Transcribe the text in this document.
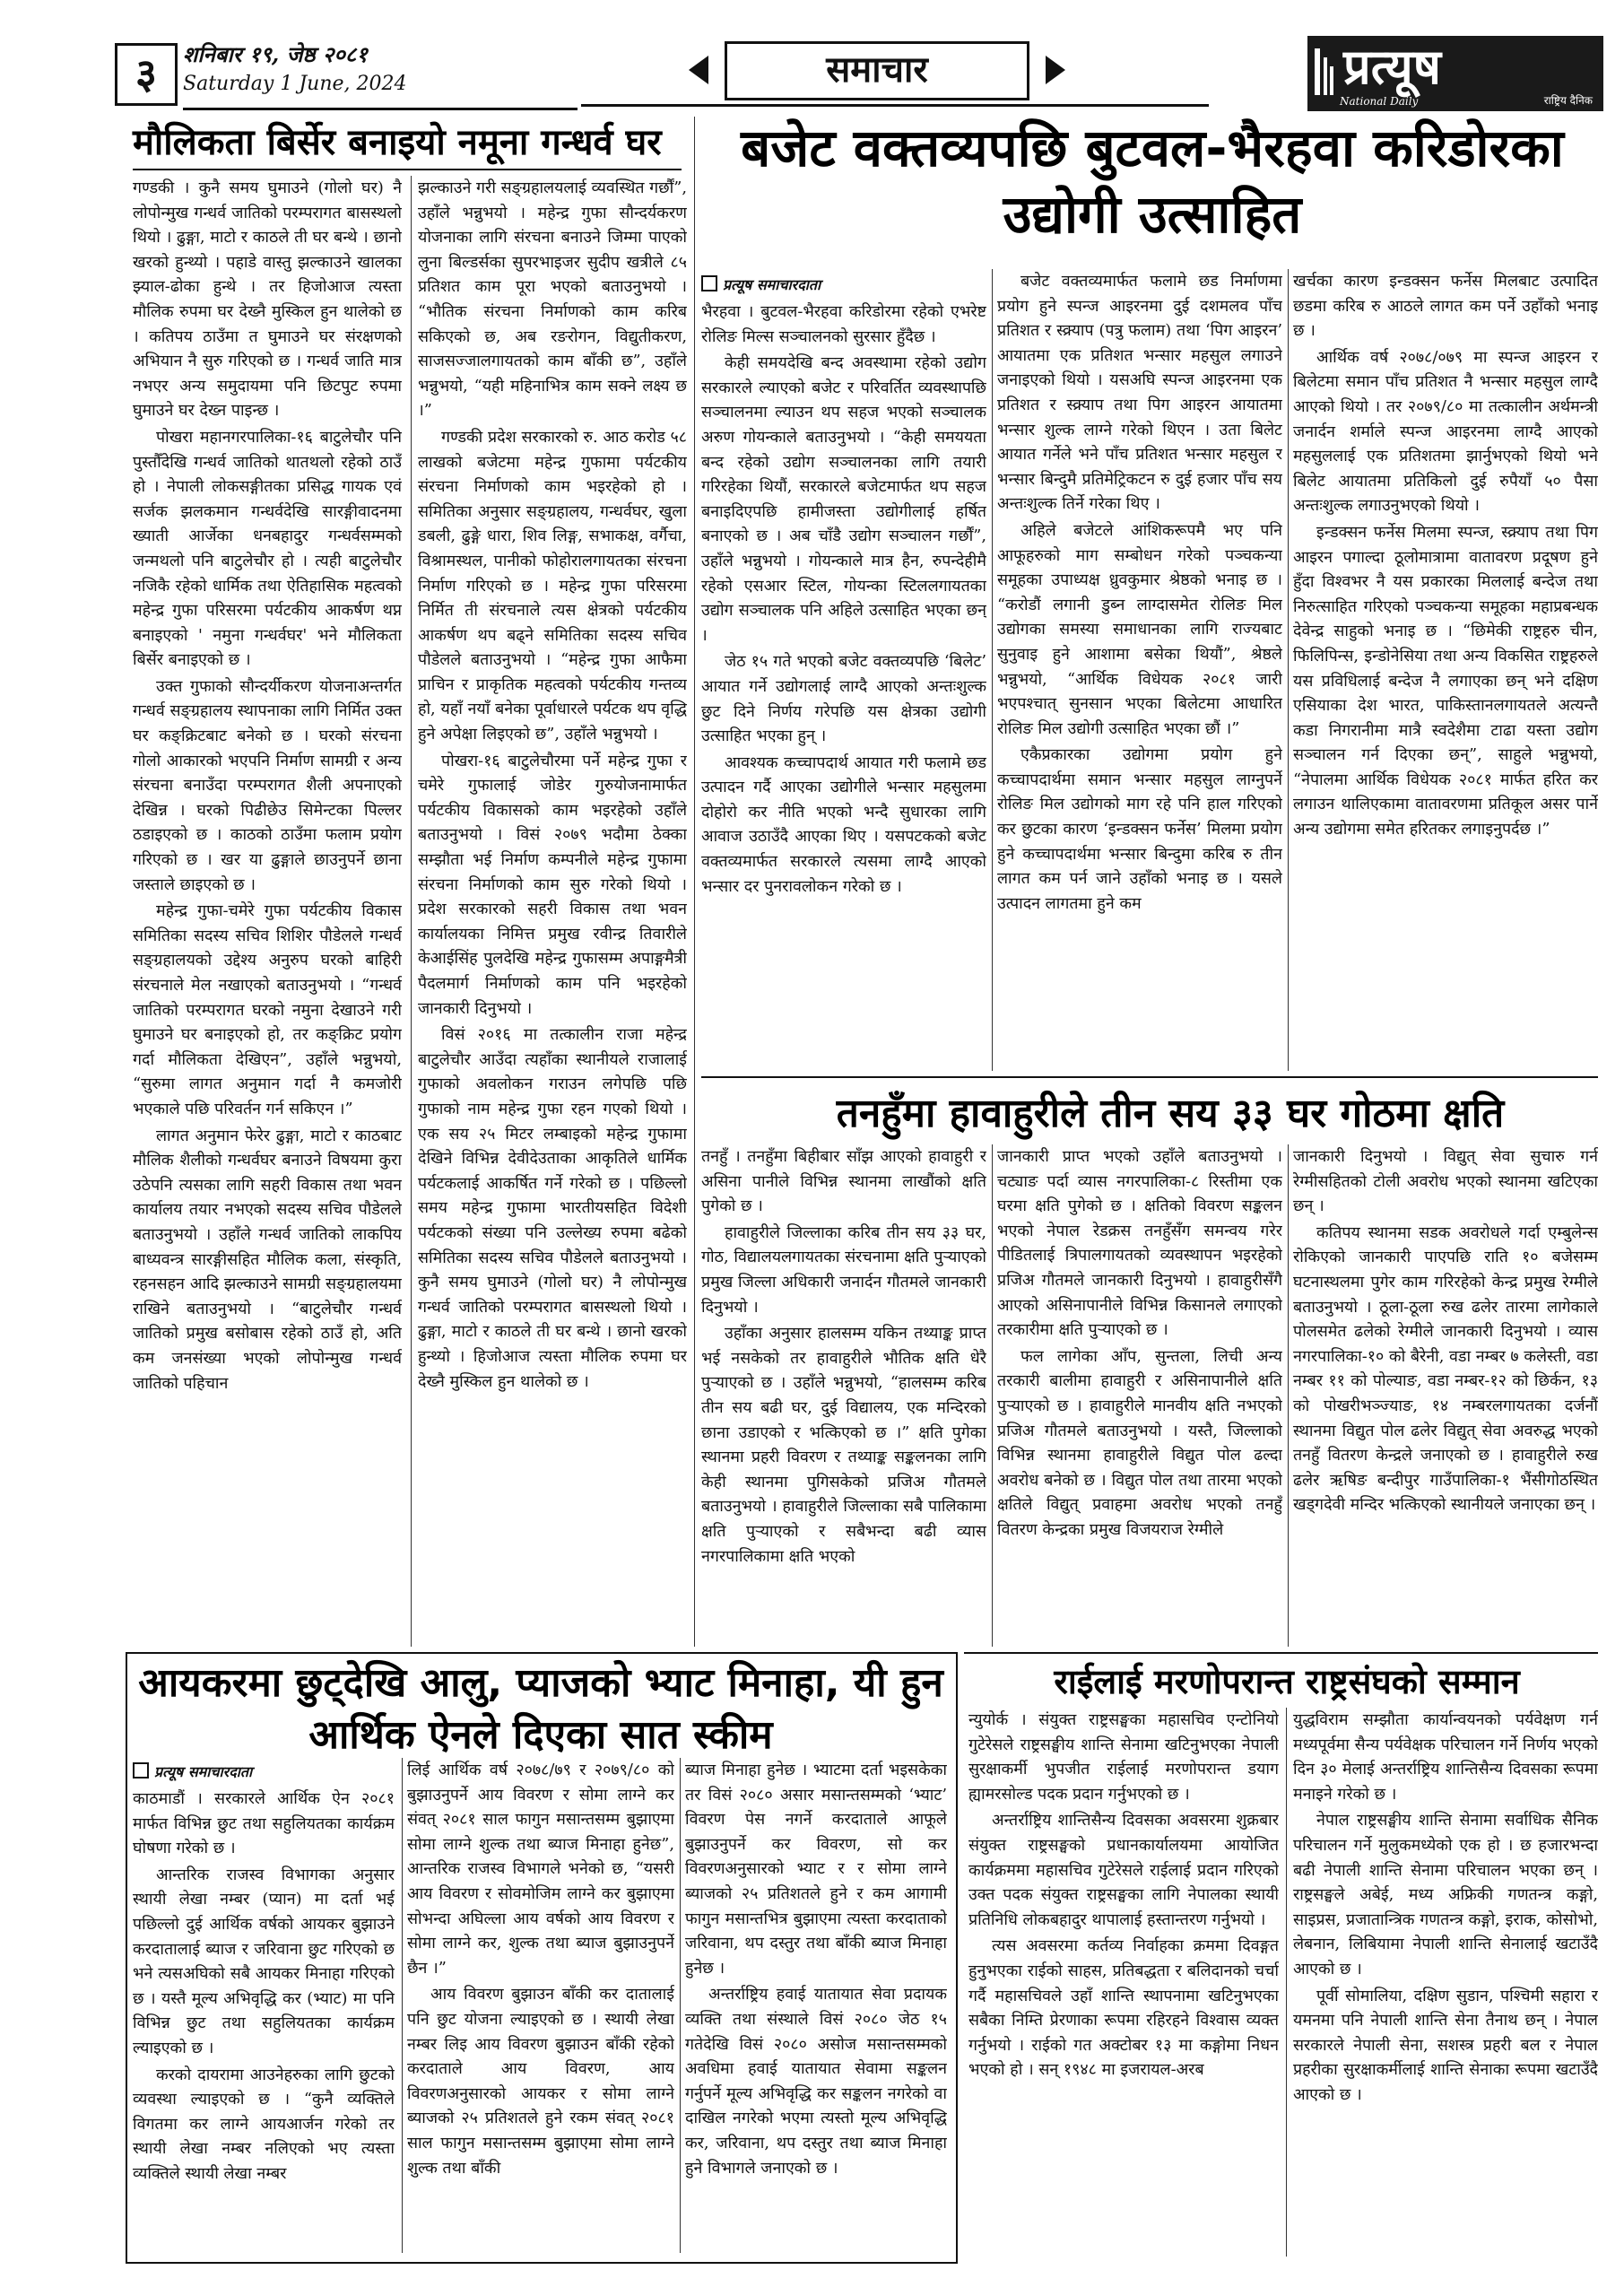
३	शनिबार १९, जेष्ठ २०८१
Saturday 1 June, 2024	समाचार	प्रत्यूष
National Daily	राष्ट्रिय दैनिक
मौलिकता बिर्सेर बनाइयो नमूना गन्धर्व घर

गण्डकी । कुनै समय घुमाउने (गोलो घर) नै लोपोन्मुख गन्धर्व जातिको परम्परागत बासस्थलो थियो । ढुङ्गा, माटो र काठले ती घर बन्थे । छानो खरको हुन्थ्यो । पहाडे वास्तु झल्काउने खालका झ्याल-ढोका हुन्थे । तर हिजोआज त्यस्ता मौलिक रुपमा घर देख्नै मुस्किल हुन थालेको छ । कतिपय ठाउँमा त घुमाउने घर संरक्षणको अभियान नै सुरु गरिएको छ । गन्धर्व जाति मात्र नभएर अन्य समुदायमा पनि छिटपुट रुपमा घुमाउने घर देख्न पाइन्छ ।

पोखरा महानगरपालिका-१६ बाटुलेचौर पनि पुस्तौँदेखि गन्धर्व जातिको थातथलो रहेको ठाउँ हो । नेपाली लोकसङ्गीतका प्रसिद्ध गायक एवं सर्जक झलकमान गन्धर्वदेखि सारङ्गीवादनमा ख्याती आर्जेका धनबहादुर गन्धर्वसम्मको जन्मथलो पनि बाटुलेचौर हो । त्यही बाटुलेचौर नजिकै रहेको धार्मिक तथा ऐतिहासिक महत्वको महेन्द्र गुफा परिसरमा पर्यटकीय आकर्षण थप्न बनाइएको ' नमुना गन्धर्वघर' भने मौलिकता बिर्सेर बनाइएको छ ।

उक्त गुफाको सौन्दर्यीकरण योजनाअन्तर्गत गन्धर्व सङ्ग्रहालय स्थापनाका लागि निर्मित उक्त घर कङ्क्रिटबाट बनेको छ । घरको संरचना गोलो आकारको भएपनि निर्माण सामग्री र अन्य संरचना बनाउँदा परम्परागत शैली अपनाएको देखिन्न । घरको पिढीछेउ सिमेन्टका पिल्लर ठडाइएको छ । काठको ठाउँमा फलाम प्रयोग गरिएको छ । खर या ढुङ्गाले छाउनुपर्ने छाना जस्ताले छाइएको छ ।

महेन्द्र गुफा-चमेरे गुफा पर्यटकीय विकास समितिका सदस्य सचिव शिशिर पौडेलले गन्धर्व सङ्ग्रहालयको उद्देश्य अनुरुप घरको बाहिरी संरचनाले मेल नखाएको बताउनुभयो । “गन्धर्व जातिको परम्परागत घरको नमुना देखाउने गरी घुमाउने घर बनाइएको हो, तर कङ्क्रिट प्रयोग गर्दा मौलिकता देखिएन”, उहाँले भन्नुभयो, “सुरुमा लागत अनुमान गर्दा नै कमजोरी भएकाले पछि परिवर्तन गर्न सकिएन ।”

लागत अनुमान फेरेर ढुङ्गा, माटो र काठबाट मौलिक शैलीको गन्धर्वघर बनाउने विषयमा कुरा उठेपनि त्यसका लागि सहरी विकास तथा भवन कार्यालय तयार नभएको सदस्य सचिव पौडेलले बताउनुभयो । उहाँले गन्धर्व जातिको लाकपिय बाध्यवन्त्र सारङ्गीसहित मौलिक कला, संस्कृति, रहनसहन आदि झल्काउने सामग्री सङ्ग्रहालयमा राखिने बताउनुभयो । “बाटुलेचौर गन्धर्व जातिको प्रमुख बसोबास रहेको ठाउँ हो, अति कम जनसंख्या भएको लोपोन्मुख गन्धर्व जातिको पहिचान

झल्काउने गरी सङ्ग्रहालयलाई व्यवस्थित गर्छौं”, उहाँले भन्नुभयो । महेन्द्र गुफा सौन्दर्यकरण योजनाका लागि संरचना बनाउने जिम्मा पाएको लुना बिल्डर्सका सुपरभाइजर सुदीप खत्रीले ८५ प्रतिशत काम पूरा भएको बताउनुभयो । “भौतिक संरचना निर्माणको काम करिब सकिएको छ, अब रङरोगन, विद्युतीकरण, साजसज्जालगायतको काम बाँकी छ”, उहाँले भन्नुभयो, “यही महिनाभित्र काम सक्ने लक्ष्य छ ।”

गण्डकी प्रदेश सरकारको रु. आठ करोड ५८ लाखको बजेटमा महेन्द्र गुफामा पर्यटकीय संरचना निर्माणको काम भइरहेको हो । समितिका अनुसार सङ्ग्रहालय, गन्धर्वघर, खुला डबली, ढुङ्गे धारा, शिव लिङ्ग, सभाकक्ष, वर्गैचा, विश्रामस्थल, पानीको फोहोरालगायतका संरचना निर्माण गरिएको छ । महेन्द्र गुफा परिसरमा निर्मित ती संरचनाले त्यस क्षेत्रको पर्यटकीय आकर्षण थप बढ्ने समितिका सदस्य सचिव पौडेलले बताउनुभयो । “महेन्द्र गुफा आफैमा प्राचिन र प्राकृतिक महत्वको पर्यटकीय गन्तव्य हो, यहाँ नयाँ बनेका पूर्वाधारले पर्यटक थप वृद्धि हुने अपेक्षा लिइएको छ”, उहाँले भन्नुभयो ।

पोखरा-१६ बाटुलेचौरमा पर्ने महेन्द्र गुफा र चमेरे गुफालाई जोडेर गुरुयोजनामार्फत पर्यटकीय विकासको काम भइरहेको उहाँले बताउनुभयो । विसं २०७९ भदौमा ठेक्का सम्झौता भई निर्माण कम्पनीले महेन्द्र गुफामा संरचना निर्माणको काम सुरु गरेको थियो । प्रदेश सरकारको सहरी विकास तथा भवन कार्यालयका निमित्त प्रमुख रवीन्द्र तिवारीले केआईसिंह पुलदेखि महेन्द्र गुफासम्म अपाङ्गमैत्री पैदलमार्ग निर्माणको काम पनि भइरहेको जानकारी दिनुभयो ।

विसं २०१६ मा तत्कालीन राजा महेन्द्र बाटुलेचौर आउँदा त्यहाँका स्थानीयले राजालाई गुफाको अवलोकन गराउन लगेपछि पछि गुफाको नाम महेन्द्र गुफा रहन गएको थियो । एक सय २५ मिटर लम्बाइको महेन्द्र गुफामा देखिने विभिन्न देवीदेउताका आकृतिले धार्मिक पर्यटकलाई आकर्षित गर्ने गरेको छ । पछिल्लो समय महेन्द्र गुफामा भारतीयसहित विदेशी पर्यटकको संख्या पनि उल्लेख्य रुपमा बढेको समितिका सदस्य सचिव पौडेलले बताउनुभयो । कुनै समय घुमाउने (गोलो घर) नै लोपोन्मुख गन्धर्व जातिको परम्परागत बासस्थलो थियो । ढुङ्गा, माटो र काठले ती घर बन्थे । छानो खरको हुन्थ्यो । हिजोआज त्यस्ता मौलिक रुपमा घर देख्नै मुस्किल हुन थालेको छ ।

बजेट वक्तव्यपछि बुटवल-भैरहवा करिडोरका उद्योगी उत्साहित
प्रत्यूष समाचारदाता

भैरहवा । बुटवल-भैरहवा करिडोरमा रहेको एभरेष्ट रोलिङ मिल्स सञ्चालनको सुरसार हुँदैछ ।

केही समयदेखि बन्द अवस्थामा रहेको उद्योग सरकारले ल्याएको बजेट र परिवर्तित व्यवस्थापछि सञ्चालनमा ल्याउन थप सहज भएको सञ्चालक अरुण गोयन्काले बताउनुभयो । “केही समययता बन्द रहेको उद्योग सञ्चालनका लागि तयारी गरिरहेका थियौं, सरकारले बजेटमार्फत थप सहज बनाइदिएपछि हामीजस्ता उद्योगीलाई हर्षित बनाएको छ । अब चाँडै उद्योग सञ्चालन गर्छौं”, उहाँले भन्नुभयो । गोयन्काले मात्र हैन, रुपन्देहीमै रहेको एसआर स्टिल, गोयन्का स्टिललगायतका उद्योग सञ्चालक पनि अहिले उत्साहित भएका छन् ।

जेठ १५ गते भएको बजेट वक्तव्यपछि ‘बिलेट’ आयात गर्ने उद्योगलाई लाग्दै आएको अन्तःशुल्क छुट दिने निर्णय गरेपछि यस क्षेत्रका उद्योगी उत्साहित भएका हुन् ।

आवश्यक कच्चापदार्थ आयात गरी फलामे छड उत्पादन गर्दै आएका उद्योगीले भन्सार महसुलमा दोहोरो कर नीति भएको भन्दै सुधारका लागि आवाज उठाउँदै आएका थिए । यसपटकको बजेट वक्तव्यमार्फत सरकारले त्यसमा लाग्दै आएको भन्सार दर पुनरावलोकन गरेको छ ।

बजेट वक्तव्यमार्फत फलामे छड निर्माणमा प्रयोग हुने स्पन्ज आइरनमा दुई दशमलव पाँच प्रतिशत र स्क्र्याप (पत्रु फलाम) तथा ‘पिग आइरन’ आयातमा एक प्रतिशत भन्सार महसुल लगाउने जनाइएको थियो । यसअघि स्पन्ज आइरनमा एक प्रतिशत र स्क्र्याप तथा पिग आइरन आयातमा भन्सार शुल्क लाग्ने गरेको थिएन । उता बिलेट आयात गर्नेले भने पाँच प्रतिशत भन्सार महसुल र भन्सार बिन्दुमै प्रतिमेट्रिकटन रु दुई हजार पाँच सय अन्तःशुल्क तिर्ने गरेका थिए ।

अहिले बजेटले आंशिकरूपमै भए पनि आफूहरुको माग सम्बोधन गरेको पञ्चकन्या समूहका उपाध्यक्ष ध्रुवकुमार श्रेष्ठको भनाइ छ । “करोडौं लगानी डुब्न लाग्दासमेत रोलिङ मिल उद्योगका समस्या समाधानका लागि राज्यबाट सुनुवाइ हुने आशामा बसेका थियौं”, श्रेष्ठले भन्नुभयो, “आर्थिक विधेयक २०८१ जारी भएपश्चात् सुनसान भएका बिलेटमा आधारित रोलिङ मिल उद्योगी उत्साहित भएका छौं ।”

एकैप्रकारका उद्योगमा प्रयोग हुने कच्चापदार्थमा समान भन्सार महसुल लाग्नुपर्ने रोलिङ मिल उद्योगको माग रहे पनि हाल गरिएको कर छुटका कारण ‘इन्डक्सन फर्नेस’ मिलमा प्रयोग हुने कच्चापदार्थमा भन्सार बिन्दुमा करिब रु तीन लागत कम पर्न जाने उहाँको भनाइ छ । यसले उत्पादन लागतमा हुने कम

खर्चका कारण इन्डक्सन फर्नेस मिलबाट उत्पादित छडमा करिब रु आठले लागत कम पर्ने उहाँको भनाइ छ ।

आर्थिक वर्ष २०७८/०७९ मा स्पन्ज आइरन र बिलेटमा समान पाँच प्रतिशत नै भन्सार महसुल लाग्दै आएको थियो । तर २०७९/८० मा तत्कालीन अर्थमन्त्री जनार्दन शर्माले स्पन्ज आइरनमा लाग्दै आएको महसुललाई एक प्रतिशतमा झार्नुभएको थियो भने बिलेट आयातमा प्रतिकिलो दुई रुपैयाँ ५० पैसा अन्तःशुल्क लगाउनुभएको थियो ।

इन्डक्सन फर्नेस मिलमा स्पन्ज, स्क्र्याप तथा पिग आइरन पगाल्दा ठूलोमात्रामा वातावरण प्रदूषण हुने हुँदा विश्वभर नै यस प्रकारका मिललाई बन्देज तथा निरुत्साहित गरिएको पञ्चकन्या समूहका महाप्रबन्धक देवेन्द्र साहुको भनाइ छ । “छिमेकी राष्ट्रहरु चीन, फिलिपिन्स, इन्डोनेसिया तथा अन्य विकसित राष्ट्रहरुले यस प्रविधिलाई बन्देज नै लगाएका छन् भने दक्षिण एसियाका देश भारत, पाकिस्तानलगायतले अत्यन्तै कडा निगरानीमा मात्रै स्वदेशैमा टाढा यस्ता उद्योग सञ्चालन गर्न दिएका छन्”, साहुले भन्नुभयो, “नेपालमा आर्थिक विधेयक २०८१ मार्फत हरित कर लगाउन थालिएकामा वातावरणमा प्रतिकूल असर पार्ने अन्य उद्योगमा समेत हरितकर लगाइनुपर्दछ ।”

तनहुँमा हावाहुरीले तीन सय ३३ घर गोठमा क्षति

तनहुँ । तनहुँमा बिहीबार साँझ आएको हावाहुरी र असिना पानीले विभिन्न स्थानमा लाखौंको क्षति पुगेको छ ।

हावाहुरीले जिल्लाका करिब तीन सय ३३ घर, गोठ, विद्यालयलगायतका संरचनामा क्षति पुऱ्याएको प्रमुख जिल्ला अधिकारी जनार्दन गौतमले जानकारी दिनुभयो ।

उहाँका अनुसार हालसम्म यकिन तथ्याङ्क प्राप्त भई नसकेको तर हावाहुरीले भौतिक क्षति धेरै पुऱ्याएको छ । उहाँले भन्नुभयो, “हालसम्म करिब तीन सय बढी घर, दुई विद्यालय, एक मन्दिरको छाना उडाएको र भत्किएको छ ।” क्षति पुगेका स्थानमा प्रहरी विवरण र तथ्याङ्क सङ्कलनका लागि केही स्थानमा पुगिसकेको प्रजिअ गौतमले बताउनुभयो । हावाहुरीले जिल्लाका सबै पालिकामा क्षति पुऱ्याएको र सबैभन्दा बढी व्यास नगरपालिकामा क्षति भएको

जानकारी प्राप्त भएको उहाँले बताउनुभयो । चट्याङ पर्दा व्यास नगरपालिका-८ रिस्तीमा एक घरमा क्षति पुगेको छ । क्षतिको विवरण सङ्कलन भएको नेपाल रेडक्रस तनहुँसँग समन्वय गरेर पीडितलाई त्रिपालगायतको व्यवस्थापन भइरहेको प्रजिअ गौतमले जानकारी दिनुभयो । हावाहुरीसँगै आएको असिनापानीले विभिन्न किसानले लगाएको तरकारीमा क्षति पुऱ्याएको छ ।

फल लागेका आँप, सुन्तला, लिची अन्य तरकारी बालीमा हावाहुरी र असिनापानीले क्षति पुऱ्याएको छ । हावाहुरीले मानवीय क्षति नभएको प्रजिअ गौतमले बताउनुभयो । यस्तै, जिल्लाको विभिन्न स्थानमा हावाहुरीले विद्युत पोल ढल्दा अवरोध बनेको छ । विद्युत पोल तथा तारमा भएको क्षतिले विद्युत् प्रवाहमा अवरोध भएको तनहुँ वितरण केन्द्रका प्रमुख विजयराज रेग्मीले

जानकारी दिनुभयो । विद्युत् सेवा सुचारु गर्न रेग्मीसहितको टोली अवरोध भएको स्थानमा खटिएका छन् ।

कतिपय स्थानमा सडक अवरोधले गर्दा एम्बुलेन्स रोकिएको जानकारी पाएपछि राति १० बजेसम्म घटनास्थलमा पुगेर काम गरिरहेको केन्द्र प्रमुख रेग्मीले बताउनुभयो । ठूला-ठूला रुख ढलेर तारमा लागेकाले पोलसमेत ढलेको रेग्मीले जानकारी दिनुभयो । व्यास नगरपालिका-१० को बैरेनी, वडा नम्बर ७ कलेस्ती, वडा नम्बर ११ को पोल्याङ, वडा नम्बर-१२ को छिर्कन, १३ को पोखरीभञ्ज्याङ, १४ नम्बरलगायतका दर्जनौं स्थानमा विद्युत पोल ढलेर विद्युत् सेवा अवरुद्ध भएको तनहुँ वितरण केन्द्रले जनाएको छ । हावाहुरीले रुख ढलेर ऋषिङ बन्दीपुर गाउँपालिका-१ भैंसीगोठस्थित खड्गदेवी मन्दिर भत्किएको स्थानीयले जनाएका छन् ।

आयकरमा छुट्देखि आलु, प्याजको भ्याट मिनाहा, यी हुन आर्थिक ऐनले दिएका सात स्कीम
प्रत्यूष समाचारदाता

काठमाडौं । सरकारले आर्थिक ऐन २०८१ मार्फत विभिन्न छुट तथा सहुलियतका कार्यक्रम घोषणा गरेको छ ।

आन्तरिक राजस्व विभागका अनुसार स्थायी लेखा नम्बर (प्यान) मा दर्ता भई पछिल्लो दुई आर्थिक वर्षको आयकर बुझाउने करदातालाई ब्याज र जरिवाना छुट गरिएको छ भने त्यसअघिको सबै आयकर मिनाहा गरिएको छ । यस्तै मूल्य अभिवृद्धि कर (भ्याट) मा पनि विभिन्न छुट तथा सहुलियतका कार्यक्रम ल्याइएको छ ।

करको दायरामा आउनेहरुका लागि छुटको व्यवस्था ल्याइएको छ । “कुनै व्यक्तिले विगतमा कर लाग्ने आयआर्जन गरेको तर स्थायी लेखा नम्बर नलिएको भए त्यस्ता व्यक्तिले स्थायी लेखा नम्बर

लिई आर्थिक वर्ष २०७८/७९ र २०७९/८० को बुझाउनुपर्ने आय विवरण र सोमा लाग्ने कर संवत् २०८१ साल फागुन मसान्तसम्म बुझाएमा सोमा लाग्ने शुल्क तथा ब्याज मिनाहा हुनेछ”, आन्तरिक राजस्व विभागले भनेको छ, “यसरी आय विवरण र सोवमोजिम लाग्ने कर बुझाएमा सोभन्दा अघिल्ला आय वर्षको आय विवरण र सोमा लाग्ने कर, शुल्क तथा ब्याज बुझाउनुपर्ने छैन ।”

आय विवरण बुझाउन बाँकी कर दातालाई पनि छुट योजना ल्याइएको छ । स्थायी लेखा नम्बर लिइ आय विवरण बुझाउन बाँकी रहेको करदाताले आय विवरण, आय विवरणअनुसारको आयकर र सोमा लाग्ने ब्याजको २५ प्रतिशतले हुने रकम संवत् २०८१ साल फागुन मसान्तसम्म बुझाएमा सोमा लाग्ने शुल्क तथा बाँकी

ब्याज मिनाहा हुनेछ । भ्याटमा दर्ता भइसकेका तर विसं २०८० असार मसान्तसम्मको ‘भ्याट’ विवरण पेस नगर्ने करदाताले आफूले बुझाउनुपर्ने कर विवरण, सो कर विवरणअनुसारको भ्याट र र सोमा लाग्ने ब्याजको २५ प्रतिशतले हुने र कम आगामी फागुन मसान्तभित्र बुझाएमा त्यस्ता करदाताको जरिवाना, थप दस्तुर तथा बाँकी ब्याज मिनाहा हुनेछ ।

अन्तर्राष्ट्रिय हवाई यातायात सेवा प्रदायक व्यक्ति तथा संस्थाले विसं २०८० जेठ १५ गतेदेखि विसं २०८० असोज मसान्तसम्मको अवधिमा हवाई यातायात सेवामा सङ्कलन गर्नुपर्ने मूल्य अभिवृद्धि कर सङ्कलन नगरेको वा दाखिल नगरेको भएमा त्यस्तो मूल्य अभिवृद्धि कर, जरिवाना, थप दस्तुर तथा ब्याज मिनाहा हुने विभागले जनाएको छ ।

राईलाई मरणोपरान्त राष्ट्रसंघको सम्मान

न्युयोर्क । संयुक्त राष्ट्रसङ्घका महासचिव एन्टोनियो गुटेरेसले राष्ट्रसङ्घीय शान्ति सेनामा खटिनुभएका नेपाली सुरक्षाकर्मी भुपजीत राईलाई मरणोपरान्त डयाग ह्यामरसोल्ड पदक प्रदान गर्नुभएको छ ।

अन्तर्राष्ट्रिय शान्तिसैन्य दिवसका अवसरमा शुक्रबार संयुक्त राष्ट्रसङ्घको प्रधानकार्यालयमा आयोजित कार्यक्रममा महासचिव गुटेरेसले राईलाई प्रदान गरिएको उक्त पदक संयुक्त राष्ट्रसङ्घका लागि नेपालका स्थायी प्रतिनिधि लोकबहादुर थापालाई हस्तान्तरण गर्नुभयो ।

त्यस अवसरमा कर्तव्य निर्वाहका क्रममा दिवङ्गत हुनुभएका राईको साहस, प्रतिबद्धता र बलिदानको चर्चा गर्दै महासचिवले उहाँ शान्ति स्थापनामा खटिनुभएका सबैका निम्ति प्रेरणाका रूपमा रहिरहने विश्वास व्यक्त गर्नुभयो । राईको गत अक्टोबर १३ मा कङ्गोमा निधन भएको हो । सन् १९४८ मा इजरायल-अरब

युद्धविराम सम्झौता कार्यान्वयनको पर्यवेक्षण गर्न मध्यपूर्वमा सैन्य पर्यवेक्षक परिचालन गर्ने निर्णय भएको दिन ३० मेलाई अन्तर्राष्ट्रिय शान्तिसैन्य दिवसका रूपमा मनाइने गरेको छ ।

नेपाल राष्ट्रसङ्घीय शान्ति सेनामा सर्वाधिक सैनिक परिचालन गर्ने मुलुकमध्येको एक हो । छ हजारभन्दा बढी नेपाली शान्ति सेनामा परिचालन भएका छन् । राष्ट्रसङ्घले अबेई, मध्य अफ्रिकी गणतन्त्र कङ्गो, साइप्रस, प्रजातान्त्रिक गणतन्त्र कङ्गो, इराक, कोसोभो, लेबनान, लिबियामा नेपाली शान्ति सेनालाई खटाउँदै आएको छ ।

पूर्वी सोमालिया, दक्षिण सुडान, पश्चिमी सहारा र यमनमा पनि नेपाली शान्ति सेना तैनाथ छन् । नेपाल सरकारले नेपाली सेना, सशस्त्र प्रहरी बल र नेपाल प्रहरीका सुरक्षाकर्मीलाई शान्ति सेनाका रूपमा खटाउँदै आएको छ ।
